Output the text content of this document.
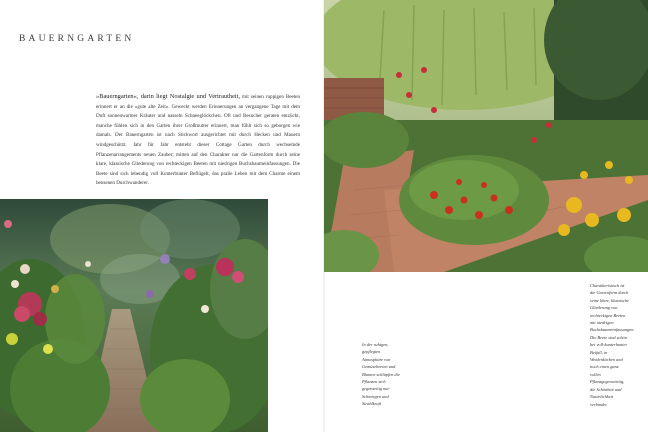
BAUERNGARTEN
»Bauerngarten«, darin liegt Nostalgie und Vertrautheit, mit seinen ruppigen Beeten erinnert er an die »gute alte Zeit«. Geweckt werden Erinnerungen an vergangene Tage mit dem Duft sonnenwarmer Kräuter und nasseln Schneeglöckchen. Oft und Besucher geraten entzückt, manche fühlen sich in den Garten ihrer Großmutter erinnert, man fühlt sich so geborgen wie damals. Der Bauerngarten ist nach Stichwort ausgerichtet mit durch Hecken und Mauern windgeschützt. Jahr für Jahr entsteht dieser Cottage Garten durch wechselnde Pflanzenarrangements neuen Zauber; mitten auf den Charakter nur die Gartenform durch seine klare, klassische Gliederung von rechteckigen Beeten mit niedrigen Buchsbaumeinfassungen. Die Beete sind sich lebendig voll Kunterbunter Beflügelt, das pralle Leben mit dem Charme einem bensenen Durchwanderer.
In der ruhigen, gepflegten Atmosphäre von Gemüsebeeten und Blumen schlüpfen die Pflanzen sich gegenseitig nur Schmiegen und Strahlkraft
Charakteristisch ist die Gartenform durch seine klare, klassische Gliederung von rechteckigen Beeten mit niedrigen Buchsbaumeinfassungen. Die Beete sind schön bei voll-kunterbunter Beifall, in Weidenkörben und noch einen ganz vollen Pflanzgegenwärtig, die Schönheit und Natürlichkeit verbindet.
